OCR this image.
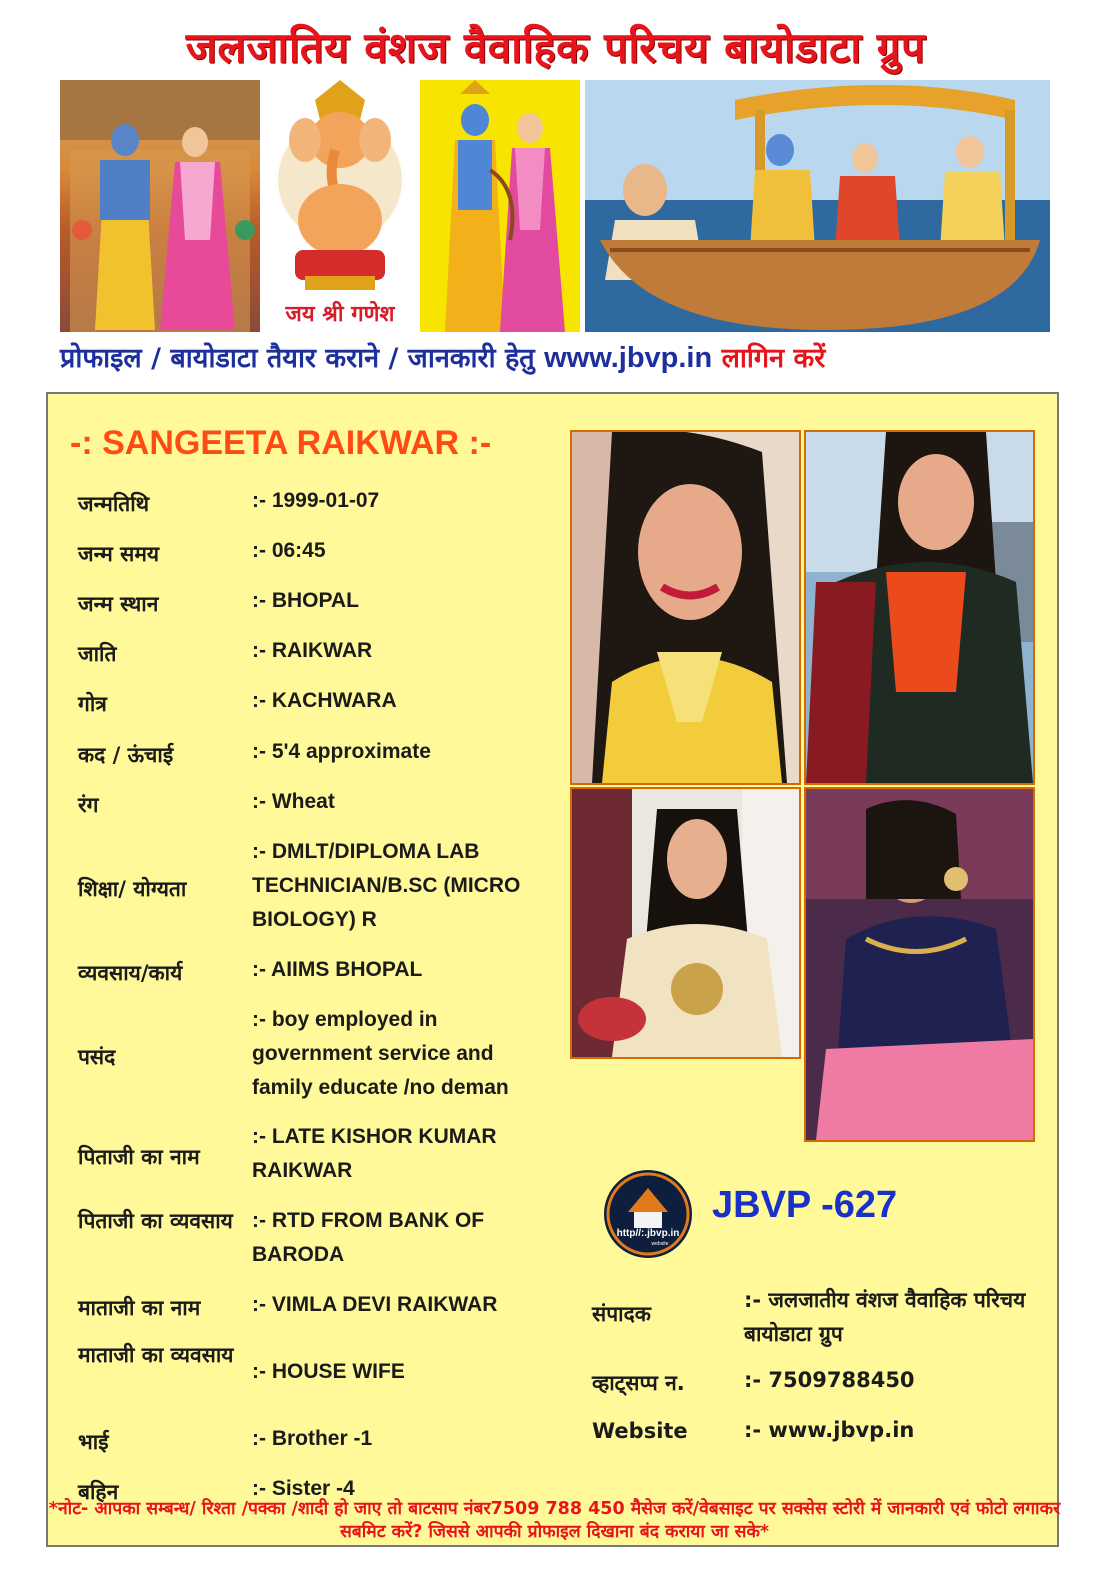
जलजातिय वंशज वैवाहिक परिचय बायोडाटा ग्रुप
जय श्री गणेश
प्रोफाइल / बायोडाटा तैयार कराने / जानकारी हेतु www.jbvp.in लागिन करें
-: SANGEETA RAIKWAR :-
जन्मतिथि	:- 1999-01-07
जन्म समय	:- 06:45
जन्म स्थान	:- BHOPAL
जाति	:- RAIKWAR
गोत्र	:- KACHWARA
कद / ऊंचाई	:- 5'4 approximate
रंग	:- Wheat
शिक्षा/ योग्यता
:- DMLT/DIPLOMA LAB TECHNICIAN/B.SC (MICRO BIOLOGY) R
व्यवसाय/कार्य	:- AIIMS BHOPAL
पसंद
:- boy employed in government service and family educate /no deman
पिताजी का नाम
:- LATE KISHOR KUMAR RAIKWAR
पिताजी का व्यवसाय :- RTD FROM BANK OF BARODA
माताजी का नाम	:- VIMLA DEVI RAIKWAR
माताजी का व्यवसाय
:- HOUSE WIFE
भाई	:- Brother -1
बहिन	:- Sister -4
http//:.jbvp.in
website
JBVP -627
संपादक
:- जलजातीय वंशज वैवाहिक परिचय बायोडाटा ग्रुप
व्हाट्सप्प न.	:- 7509788450
Website	:- www.jbvp.in
*नोट- आपका सम्बन्ध/ रिश्ता /पक्का /शादी हो जाए तो बाटसाप नंबर7509 788 450 मैसेज करें/वेबसाइट पर सक्सेस स्टोरी में जानकारी एवं फोटो लगाकर सबमिट करें? जिससे आपकी प्रोफाइल दिखाना बंद कराया जा सके*
